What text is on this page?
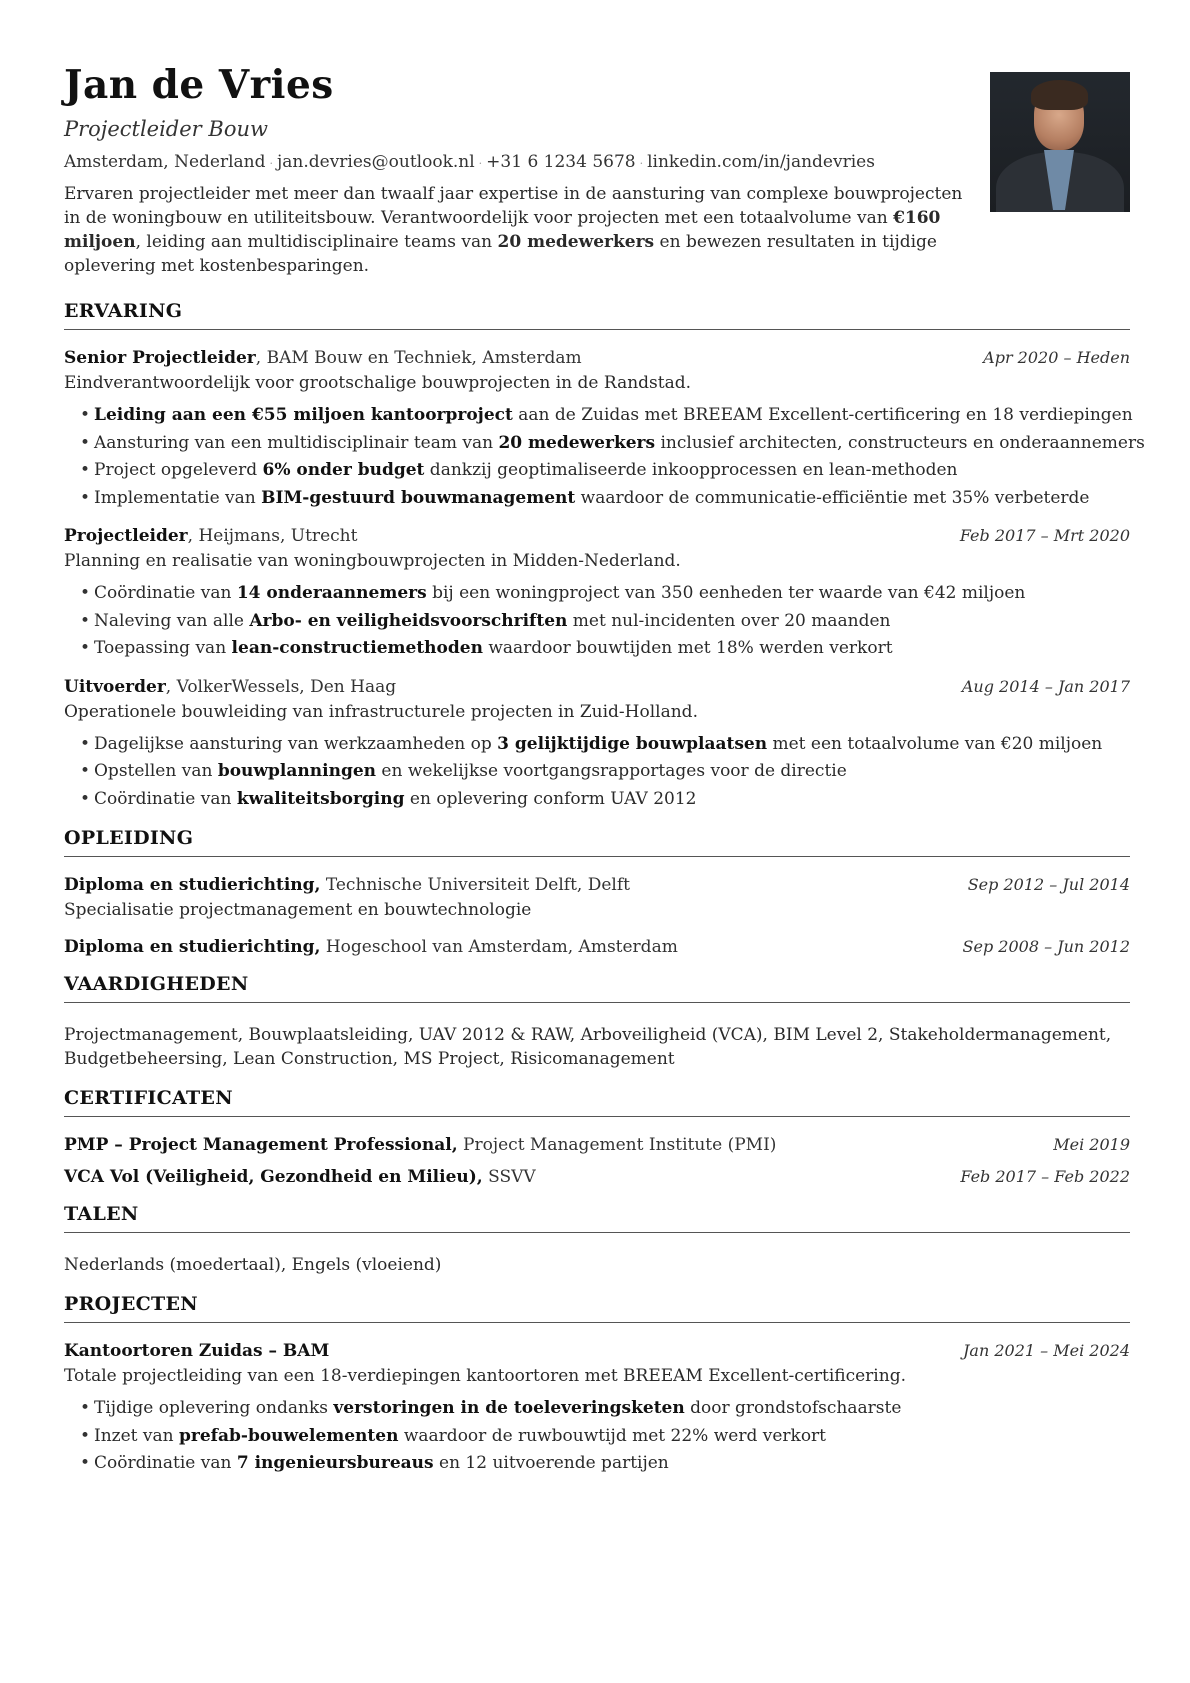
Jan de Vries
Projectleider Bouw
Amsterdam, Nederland · jan.devries@outlook.nl · +31 6 1234 5678 · linkedin.com/in/jandevries
Ervaren projectleider met meer dan twaalf jaar expertise in de aansturing van complexe bouwprojecten in de woningbouw en utiliteitsbouw. Verantwoordelijk voor projecten met een totaalvolume van €160 miljoen, leiding aan multidisciplinaire teams van 20 medewerkers en bewezen resultaten in tijdige oplevering met kostenbesparingen.
ERVARING
Senior Projectleider, BAM Bouw en Techniek, Amsterdam	Apr 2020 – Heden
Eindverantwoordelijk voor grootschalige bouwprojecten in de Randstad.
• Leiding aan een €55 miljoen kantoorproject aan de Zuidas met BREEAM Excellent-certificering en 18 verdiepingen
• Aansturing van een multidisciplinair team van 20 medewerkers inclusief architecten, constructeurs en onderaannemers
• Project opgeleverd 6% onder budget dankzij geoptimaliseerde inkoopprocessen en lean-methoden
• Implementatie van BIM-gestuurd bouwmanagement waardoor de communicatie-efficiëntie met 35% verbeterde
Projectleider, Heijmans, Utrecht	Feb 2017 – Mrt 2020
Planning en realisatie van woningbouwprojecten in Midden-Nederland.
• Coördinatie van 14 onderaannemers bij een woningproject van 350 eenheden ter waarde van €42 miljoen
• Naleving van alle Arbo- en veiligheidsvoorschriften met nul-incidenten over 20 maanden
• Toepassing van lean-constructiemethoden waardoor bouwtijden met 18% werden verkort
Uitvoerder, VolkerWessels, Den Haag	Aug 2014 – Jan 2017
Operationele bouwleiding van infrastructurele projecten in Zuid-Holland.
• Dagelijkse aansturing van werkzaamheden op 3 gelijktijdige bouwplaatsen met een totaalvolume van €20 miljoen
• Opstellen van bouwplanningen en wekelijkse voortgangsrapportages voor de directie
• Coördinatie van kwaliteitsborging en oplevering conform UAV 2012
OPLEIDING
Diploma en studierichting, Technische Universiteit Delft, Delft	Sep 2012 – Jul 2014
Specialisatie projectmanagement en bouwtechnologie
Diploma en studierichting, Hogeschool van Amsterdam, Amsterdam	Sep 2008 – Jun 2012
VAARDIGHEDEN
Projectmanagement, Bouwplaatsleiding, UAV 2012 & RAW, Arboveiligheid (VCA), BIM Level 2, Stakeholdermanagement, Budgetbeheersing, Lean Construction, MS Project, Risicomanagement
CERTIFICATEN
PMP – Project Management Professional, Project Management Institute (PMI)	Mei 2019
VCA Vol (Veiligheid, Gezondheid en Milieu), SSVV	Feb 2017 – Feb 2022
TALEN
Nederlands (moedertaal), Engels (vloeiend)
PROJECTEN
Kantoortoren Zuidas – BAM	Jan 2021 – Mei 2024
Totale projectleiding van een 18-verdiepingen kantoortoren met BREEAM Excellent-certificering.
• Tijdige oplevering ondanks verstoringen in de toeleveringsketen door grondstofschaarste
• Inzet van prefab-bouwelementen waardoor de ruwbouwtijd met 22% werd verkort
• Coördinatie van 7 ingenieursbureaus en 12 uitvoerende partijen
